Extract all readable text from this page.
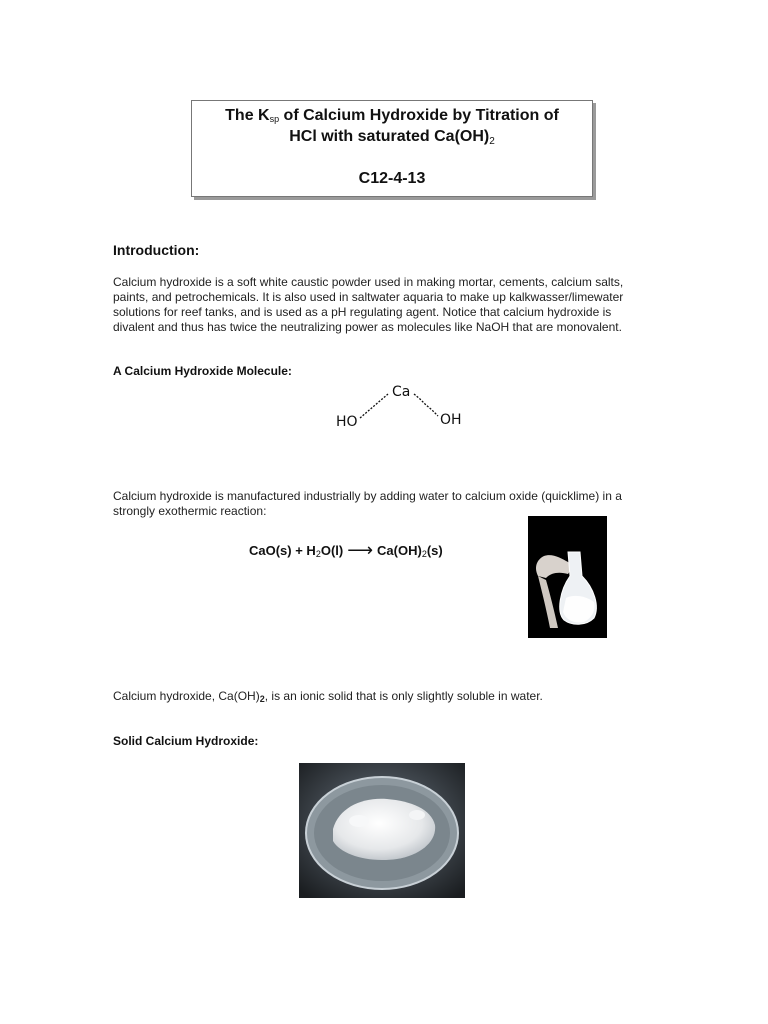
The Ksp of Calcium Hydroxide by Titration of
HCl with saturated Ca(OH)2
C12-4-13
Introduction:
Calcium hydroxide is a soft white caustic powder used in making mortar, cements, calcium salts,
paints, and petrochemicals. It is also used in saltwater aquaria to make up kalkwasser/limewater
solutions for reef tanks, and is used as a pH regulating agent. Notice that calcium hydroxide is
divalent and thus has twice the neutralizing power as molecules like NaOH that are monovalent.
A Calcium Hydroxide Molecule:
Ca
HO	OH
Calcium hydroxide is manufactured industrially by adding water to calcium oxide (quicklime) in a
strongly exothermic reaction:
$CaO(s) + H_2O(l)$ ⟶ $Ca(OH)_2(s)$
Calcium hydroxide, $Ca(OH)_2$, is an ionic solid that is only slightly soluble in water.
Solid Calcium Hydroxide:
